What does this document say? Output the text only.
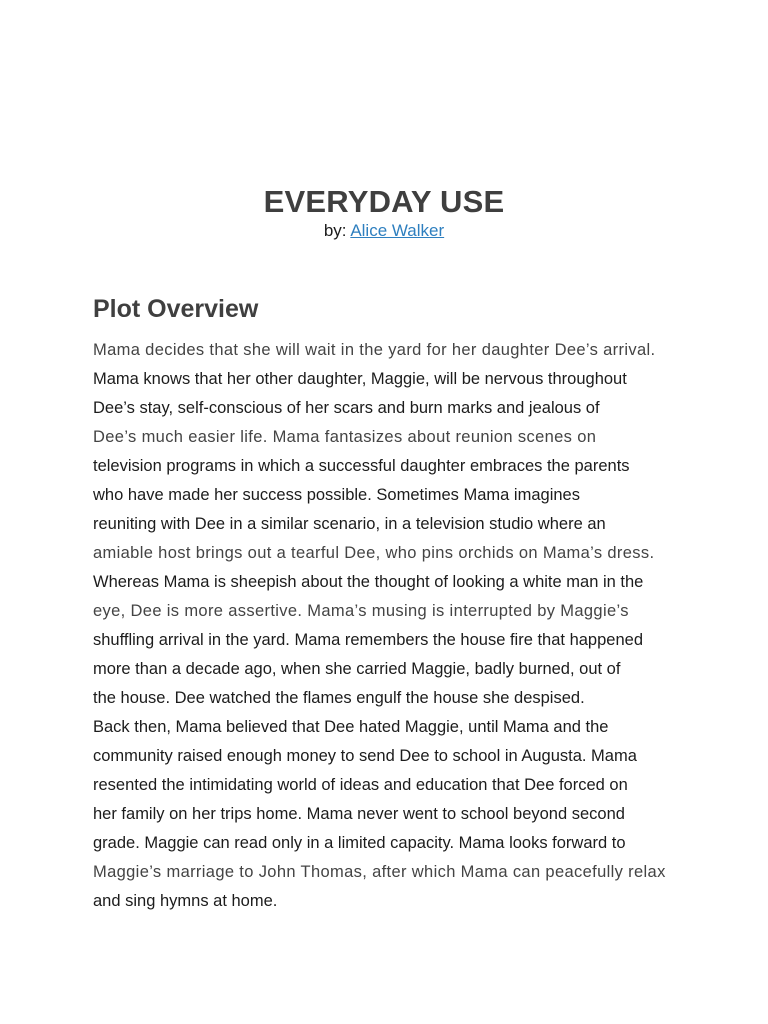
EVERYDAY USE
by: Alice Walker
Plot Overview
Mama decides that she will wait in the yard for her daughter Dee’s arrival.
Mama knows that her other daughter, Maggie, will be nervous throughout
Dee’s stay, self-conscious of her scars and burn marks and jealous of
Dee’s much easier life. Mama fantasizes about reunion scenes on
television programs in which a successful daughter embraces the parents
who have made her success possible. Sometimes Mama imagines
reuniting with Dee in a similar scenario, in a television studio where an
amiable host brings out a tearful Dee, who pins orchids on Mama’s dress.
Whereas Mama is sheepish about the thought of looking a white man in the
eye, Dee is more assertive. Mama’s musing is interrupted by Maggie’s
shuffling arrival in the yard. Mama remembers the house fire that happened
more than a decade ago, when she carried Maggie, badly burned, out of
the house. Dee watched the flames engulf the house she despised.
Back then, Mama believed that Dee hated Maggie, until Mama and the
community raised enough money to send Dee to school in Augusta. Mama
resented the intimidating world of ideas and education that Dee forced on
her family on her trips home. Mama never went to school beyond second
grade. Maggie can read only in a limited capacity. Mama looks forward to
Maggie’s marriage to John Thomas, after which Mama can peacefully relax
and sing hymns at home.
